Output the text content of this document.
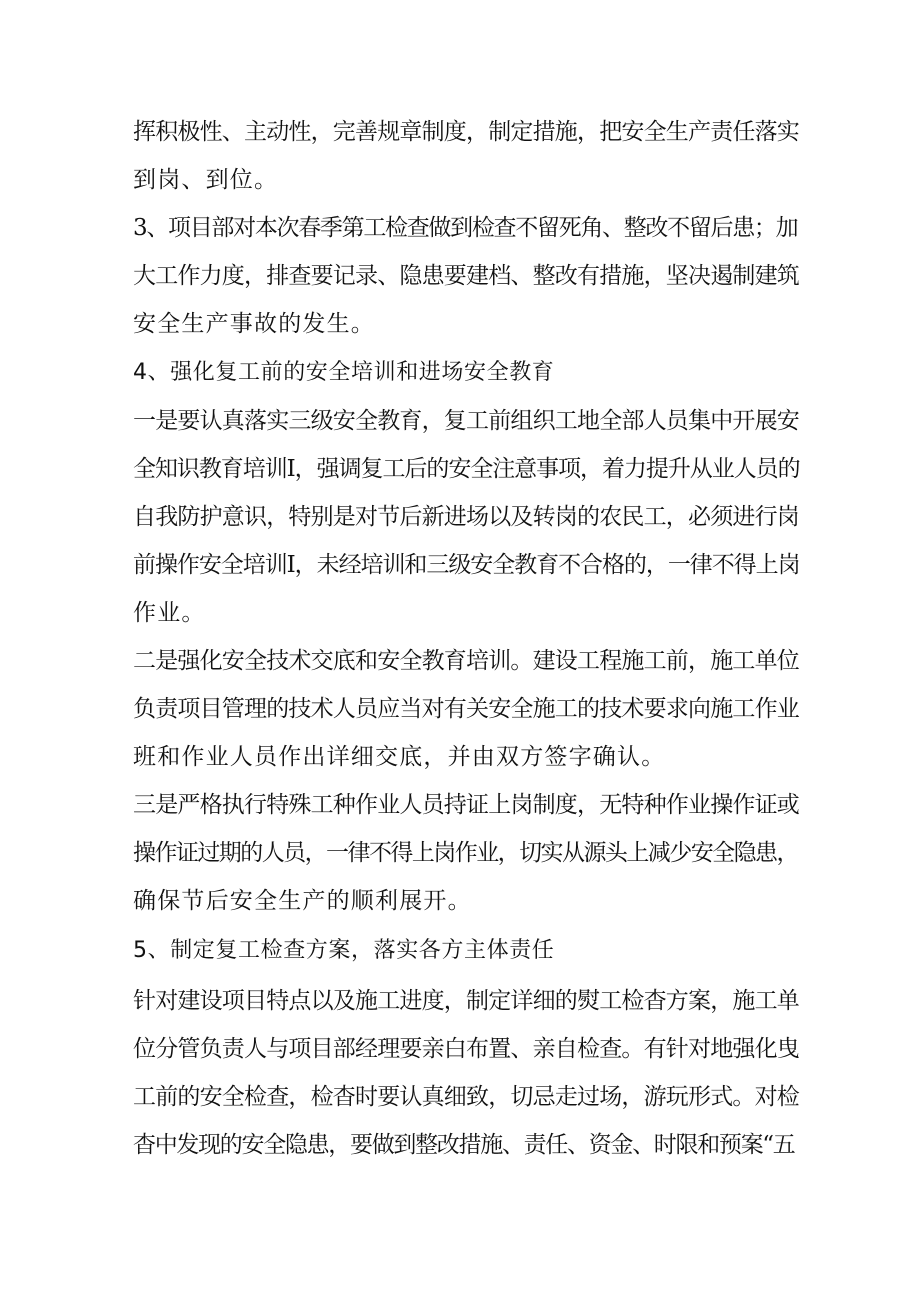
挥积极性、主动性，完善规章制度，制定措施，把安全生产责任落实
到岗、到位。
3、项目部对本次春季第工检查做到检查不留死角、整改不留后患；加
大工作力度，排查要记录、隐患要建档、整改有措施，坚决遏制建筑
安全生产事故的发生。
4、强化复工前的安全培训和进场安全教育
一是要认真落实三级安全教育，复工前组织工地全部人员集中开展安
全知识教育培训I，强调复工后的安全注意事项，着力提升从业人员的
自我防护意识，特别是对节后新进场以及转岗的农民工，必须进行岗
前操作安全培训I，未经培训和三级安全教育不合格的，一律不得上岗
作业。
二是强化安全技术交底和安全教育培训。建设工程施工前，施工单位
负责项目管理的技术人员应当对有关安全施工的技术要求向施工作业
班和作业人员作出详细交底，并由双方签字确认。
三是严格执行特殊工种作业人员持证上岗制度，无特种作业操作证或
操作证过期的人员，一律不得上岗作业，切实从源头上减少安全隐患，
确保节后安全生产的顺利展开。
5、制定复工检查方案，落实各方主体责任
针对建设项目特点以及施工进度，制定详细的熨工检杳方案，施工单
位分管负责人与项目部经理要亲白布置、亲自检查。有针对地强化曳
工前的安全检查，检杳时要认真细致，切忌走过场，游玩形式。对检
杳中发现的安全隐患，要做到整改措施、责任、资金、时限和预案“五
